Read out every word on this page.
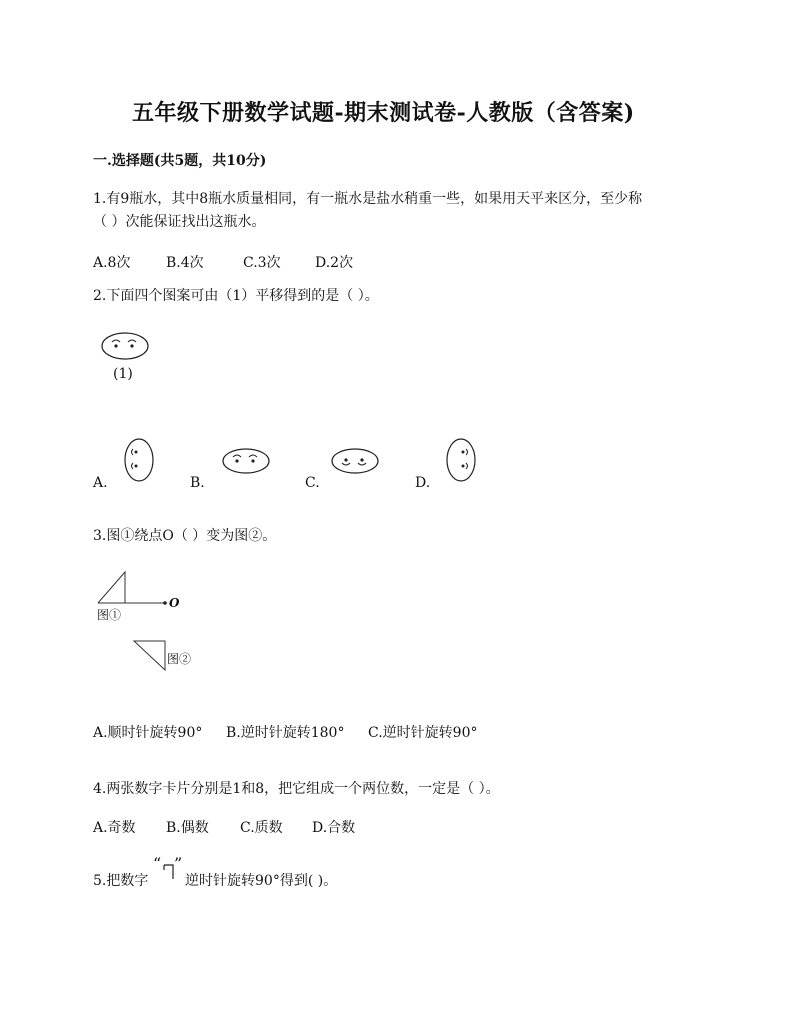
五年级下册数学试题-期末测试卷-人教版（含答案)
一.选择题(共5题，共10分)
1.有9瓶水，其中8瓶水质量相同，有一瓶水是盐水稍重一些，如果用天平来区分，至少称
（ ）次能保证找出这瓶水。
A.8次	B.4次	C.3次 D.2次
2.下面四个图案可由（1）平移得到的是（ ）。
(1)
A.	B.	C.	D.
3.图①绕点O（ ）变为图②。
图①
O
图②
A.顺时针旋转90° B.逆时针旋转180° C.逆时针旋转90°
4.两张数字卡片分别是1和8，把它组成一个两位数，一定是（ ）。
A.奇数 B.偶数 C.质数 D.合数
5.把数字
“ ”
逆时针旋转90°得到( )。
